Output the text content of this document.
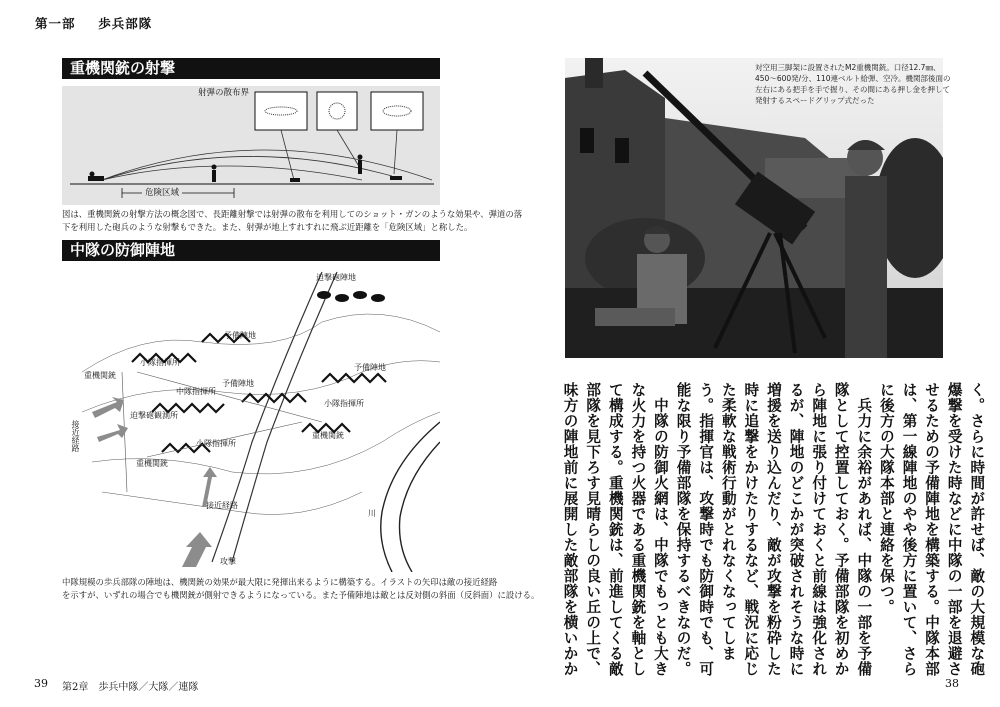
第一部 歩兵部隊
重機関銃の射撃
射弾の散布界
危険区域
図は、重機関銃の射撃方法の概念図で、長距離射撃では射弾の散布を利用してのショット・ガンのような効果や、弾道の落
下を利用した砲兵のような射撃もできた。また、射弾が地上すれすれに飛ぶ近距離を「危険区域」と称した。
中隊の防御陣地
迫撃砲陣地
予備陣地
予備陣地
予備陣地
小隊指揮所
中隊指揮所
小隊指揮所
重機関銃
迫撃砲観測所
重機関銃
小隊指揮所
重機関銃
接近経路
川
攻撃
接近経路
中隊規模の歩兵部隊の陣地は、機関銃の効果が最大限に発揮出来るように構築する。イラストの矢印は敵の接近経路
を示すが、いずれの場合でも機関銃が側射できるようになっている。また予備陣地は敵とは反対側の斜面（反斜面）に設ける。
対空用三脚架に設置されたM2重機関銃。口径12.7㎜、
450〜600発/分、110連ベルト給弾、空冷。機関部後面の
左右にある把手を手で握り、その間にある押し金を押して
発射するスペードグリップ式だった
く。さらに時間が許せば、敵の大規模な砲
爆撃を受けた時などに中隊の一部を退避さ
せるための予備陣地を構築する。中隊本部
は、第一線陣地のやや後方に置いて、さら
に後方の大隊本部と連絡を保つ。
　兵力に余裕があれば、中隊の一部を予備
隊として控置しておく。予備部隊を初めか
ら陣地に張り付けておくと前線は強化され
るが、陣地のどこかが突破されそうな時に
増援を送り込んだり、敵が攻撃を粉砕した
時に追撃をかけたりするなど、戦況に応じ
た柔軟な戦術行動がとれなくなってしま
う。指揮官は、攻撃時でも防御時でも、可
能な限り予備部隊を保持するべきなのだ。
　中隊の防御火網は、中隊でもっとも大き
な火力を持つ火器である重機関銃を軸とし
て構成する。重機関銃は、前進してくる敵
部隊を見下ろす見晴らしの良い丘の上で、
味方の陣地前に展開した敵部隊を横いかか
39 第2章　歩兵中隊／大隊／連隊	38
